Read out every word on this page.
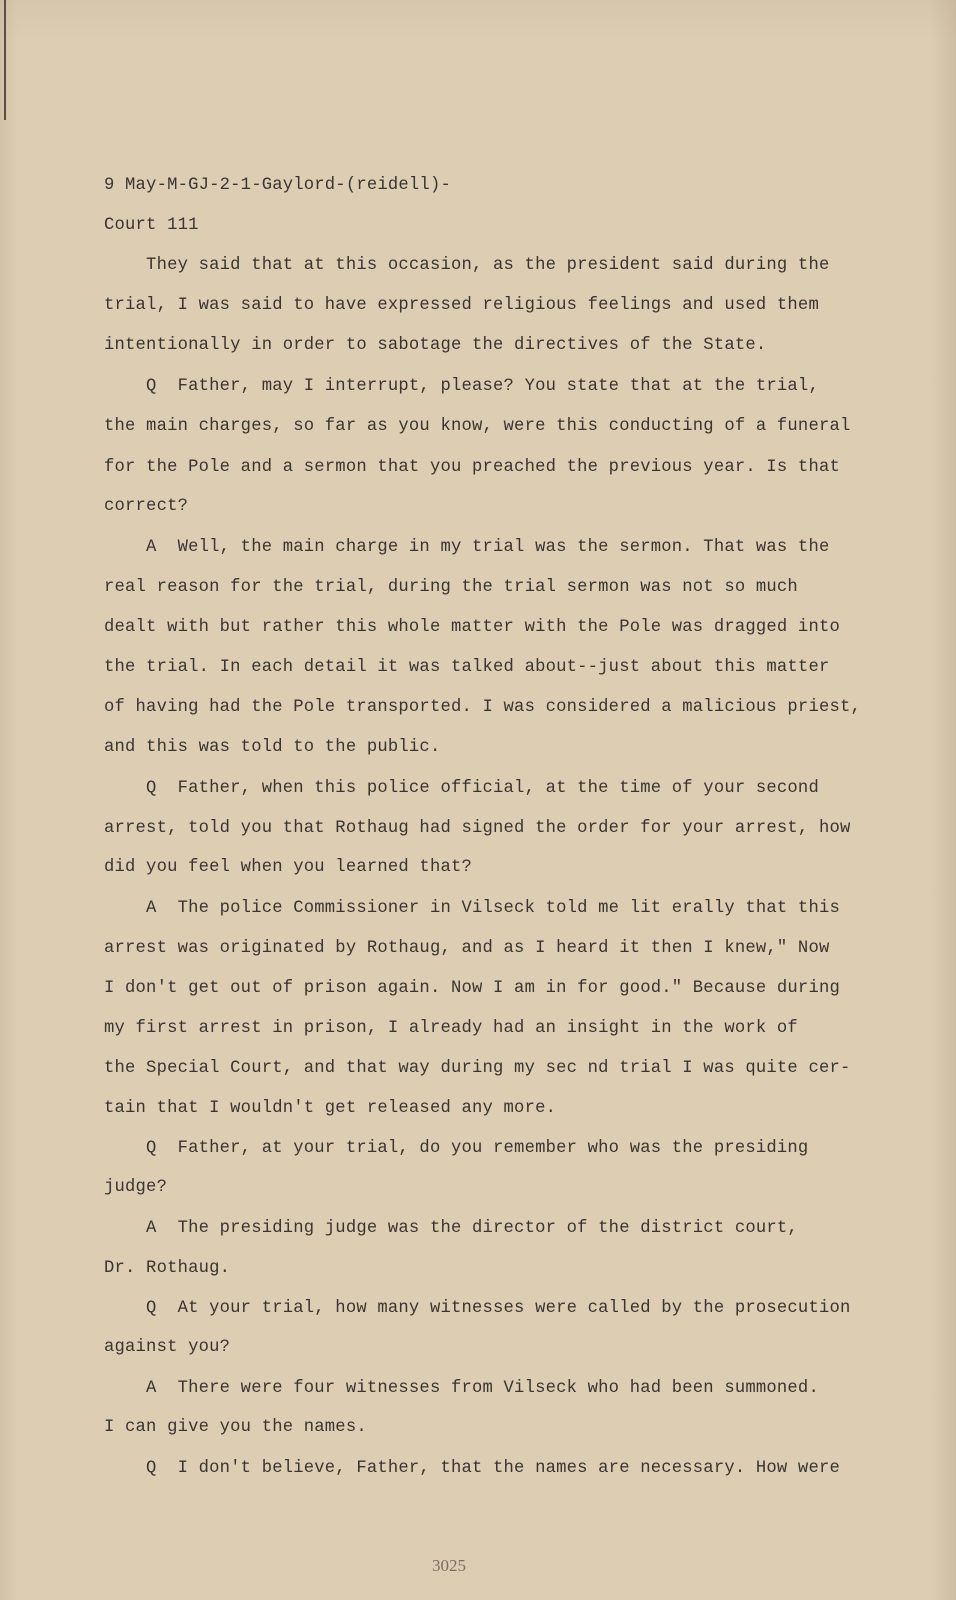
9 May-M-GJ-2-1-Gaylord-(reidell)-
Court 111
They said that at this occasion, as the president said during the
trial, I was said to have expressed religious feelings and used them
intentionally in order to sabotage the directives of the State.
Q  Father, may I interrupt, please? You state that at the trial,
the main charges, so far as you know, were this conducting of a funeral
for the Pole and a sermon that you preached the previous year. Is that
correct?
A  Well, the main charge in my trial was the sermon. That was the
real reason for the trial, during the trial sermon was not so much
dealt with but rather this whole matter with the Pole was dragged into
the trial. In each detail it was talked about--just about this matter
of having had the Pole transported. I was considered a malicious priest,
and this was told to the public.
Q  Father, when this police official, at the time of your second
arrest, told you that Rothaug had signed the order for your arrest, how
did you feel when you learned that?
A  The police Commissioner in Vilseck told me lit erally that this
arrest was originated by Rothaug, and as I heard it then I knew," Now
I don't get out of prison again. Now I am in for good." Because during
my first arrest in prison, I already had an insight in the work of
the Special Court, and that way during my sec nd trial I was quite cer-
tain that I wouldn't get released any more.
Q  Father, at your trial, do you remember who was the presiding
judge?
A  The presiding judge was the director of the district court,
Dr. Rothaug.
Q  At your trial, how many witnesses were called by the prosecution
against you?
A  There were four witnesses from Vilseck who had been summoned.
I can give you the names.
Q  I don't believe, Father, that the names are necessary. How were
3025
